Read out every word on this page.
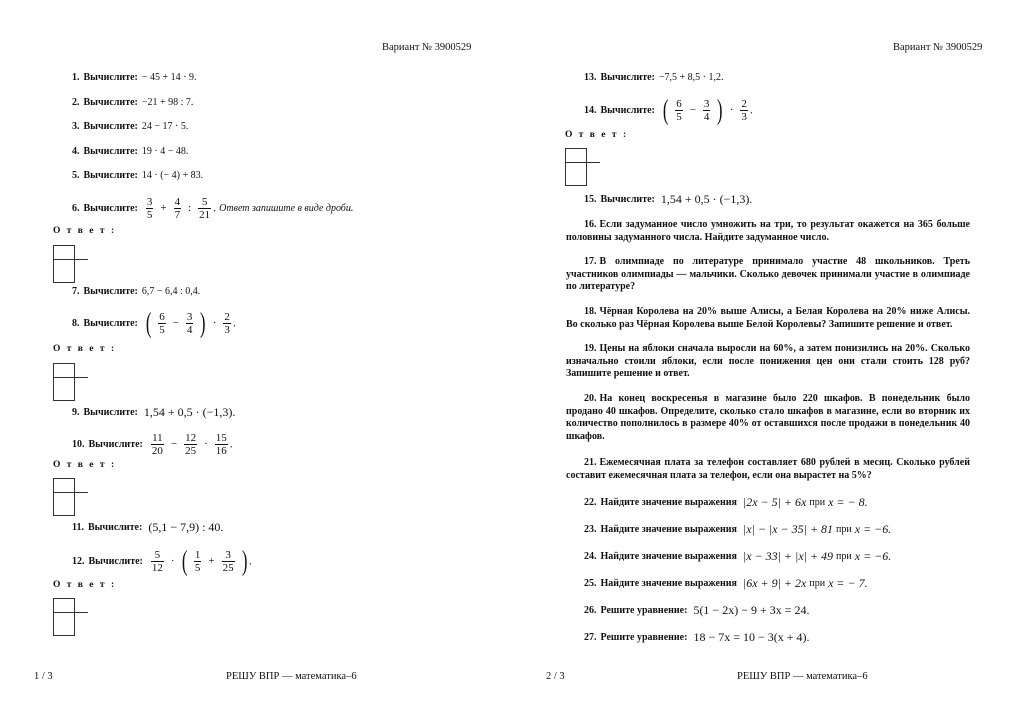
Вариант № 3900529	Вариант № 3900529
1. Вычислите: − 45 + 14 · 9.
2. Вычислите: −21 + 98 : 7.
3. Вычислите: 24 − 17 · 5.
4. Вычислите: 19 · 4 − 48.
5. Вычислите: 14 · (− 4) + 83.
6. Вычислите: $\frac{3}{5} + \frac{4}{7}$ : $\frac{5}{21}$ . Ответ запишите в виде дроби.
О т в е т :
7. Вычислите: 6,7 − 6,4 : 0,4.
8. Вычислите: ( $\frac{6}{5} - \frac{3}{4}$ ) · $\frac{2}{3}$ .
О т в е т :
9. Вычислите: 1,54 + 0,5 · (−1,3).
10. Вычислите: $\frac{11}{20} - \frac{12}{25} \cdot \frac{15}{16}$ .
О т в е т :
11. Вычислите: (5,1 − 7,9) : 40.
12. Вычислите: $\frac{5}{12}$ · ( $\frac{1}{5} + \frac{3}{25}$ ) .
О т в е т :
13. Вычислите: −7,5 + 8,5 · 1,2.
14. Вычислите: ( $\frac{6}{5} - \frac{3}{4}$ ) · $\frac{2}{3}$ .
О т в е т :
15. Вычислите: 1,54 + 0,5 · (−1,3).
16. Если задуманное число умножить на три, то результат окажется на 365 больше половины задуманного числа. Найдите задуманное число.
17. В олимпиаде по литературе принимало участие 48 школьников. Треть участников олимпиады — мальчики. Сколько девочек принимали участие в олимпиаде по литературе?
18. Чёрная Королева на 20% выше Алисы, а Белая Королева на 20% ниже Алисы. Во сколько раз Чёрная Королева выше Белой Королевы? Запишите решение и ответ.
19. Цены на яблоки сначала выросли на 60%, а затем понизились на 20%. Сколько изначально стоили яблоки, если после понижения цен они стали стоить 128 руб? Запишите решение и ответ.
20. На конец воскресенья в магазине было 220 шкафов. В понедельник было продано 40 шкафов. Определите, сколько стало шкафов в магазине, если во вторник их количество пополнилось в размере 40% от оставшихся после продажи в понедельник 40 шкафов.
21. Ежемесячная плата за телефон составляет 680 рублей в месяц. Сколько рублей составит ежемесячная плата за телефон, если она вырастет на 5%?
22. Найдите значение выражения |2x − 5| + 6x при x = − 8.
23. Найдите значение выражения |x| − |x − 35| + 81 при x = −6.
24. Найдите значение выражения |x − 33| + |x| + 49 при x = −6.
25. Найдите значение выражения |6x + 9| + 2x при x = − 7.
26. Решите уравнение: 5(1 − 2x) − 9 + 3x = 24.
27. Решите уравнение: 18 − 7x = 10 − 3(x + 4).
1 / 3	РЕШУ ВПР — математика–6	2 / 3	РЕШУ ВПР — математика–6
